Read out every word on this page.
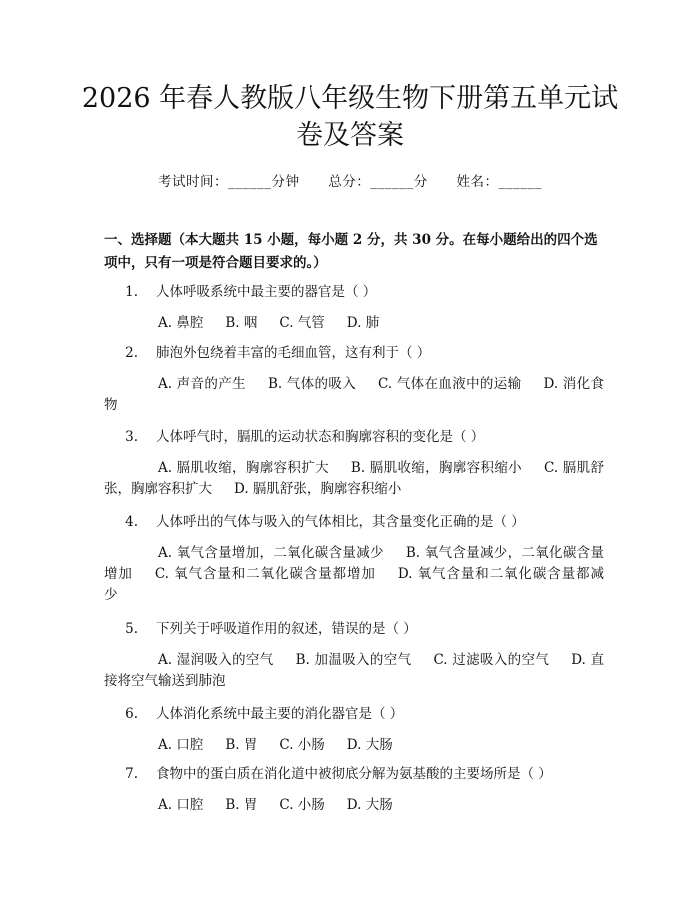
2026 年春人教版八年级生物下册第五单元试
卷及答案
考试时间：______分钟 总分：______分 姓名：______
一、选择题（本大题共 15 小题，每小题 2 分，共 30 分。在每小题给出的四个选项中，只有一项是符合题目要求的。）
1. 人体呼吸系统中最主要的器官是（ ）
A. 鼻腔 B. 咽 C. 气管 D. 肺
2. 肺泡外包绕着丰富的毛细血管，这有利于（ ）
A. 声音的产生 B. 气体的吸入 C. 气体在血液中的运输 D. 消化食物
3. 人体呼气时，膈肌的运动状态和胸廓容积的变化是（ ）
A. 膈肌收缩，胸廓容积扩大 B. 膈肌收缩，胸廓容积缩小 C. 膈肌舒张，胸廓容积扩大 D. 膈肌舒张，胸廓容积缩小
4. 人体呼出的气体与吸入的气体相比，其含量变化正确的是（ ）
A. 氧气含量增加，二氧化碳含量减少 B. 氧气含量减少，二氧化碳含量增加 C. 氧气含量和二氧化碳含量都增加 D. 氧气含量和二氧化碳含量都减少
5. 下列关于呼吸道作用的叙述，错误的是（ ）
A. 湿润吸入的空气 B. 加温吸入的空气 C. 过滤吸入的空气 D. 直接将空气输送到肺泡
6. 人体消化系统中最主要的消化器官是（ ）
A. 口腔 B. 胃 C. 小肠 D. 大肠
7. 食物中的蛋白质在消化道中被彻底分解为氨基酸的主要场所是（ ）
A. 口腔 B. 胃 C. 小肠 D. 大肠
